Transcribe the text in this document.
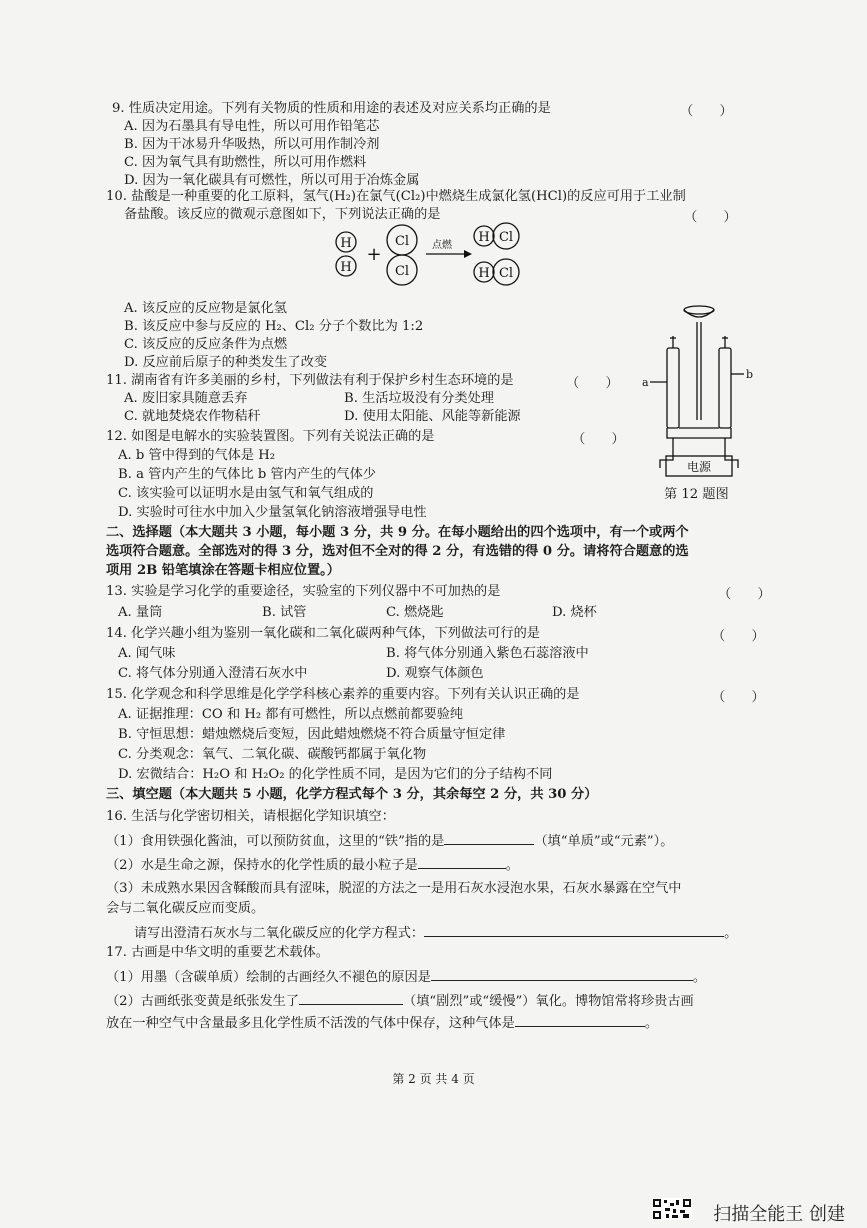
9. 性质决定用途。下列有关物质的性质和用途的表述及对应关系均正确的是	（　　）
A. 因为石墨具有导电性，所以可用作铅笔芯
B. 因为干冰易升华吸热，所以可用作制冷剂
C. 因为氧气具有助燃性，所以可用作燃料
D. 因为一氧化碳具有可燃性，所以可用于冶炼金属
10. 盐酸是一种重要的化工原料，氢气(H₂)在氯气(Cl₂)中燃烧生成氯化氢(HCl)的反应可用于工业制
备盐酸。该反应的微观示意图如下，下列说法正确的是	（　　）
H
H
+
Cl
Cl
点燃
H Cl
H Cl
A. 该反应的反应物是氯化氢
B. 该反应中参与反应的 H₂、Cl₂ 分子个数比为 1:2
C. 该反应的反应条件为点燃
D. 反应前后原子的种类发生了改变
11. 湖南省有许多美丽的乡村，下列做法有利于保护乡村生态环境的是	（　　）
A. 废旧家具随意丢弃	B. 生活垃圾没有分类处理
C. 就地焚烧农作物秸秆	D. 使用太阳能、风能等新能源
12. 如图是电解水的实验装置图。下列有关说法正确的是	（　　）
A. b 管中得到的气体是 H₂
B. a 管内产生的气体比 b 管内产生的气体少
C. 该实验可以证明水是由氢气和氧气组成的
D. 实验时可往水中加入少量氢氧化钠溶液增强导电性
a
b
电源
第 12 题图
二、选择题（本大题共 3 小题，每小题 3 分，共 9 分。在每小题给出的四个选项中，有一个或两个
选项符合题意。全部选对的得 3 分，选对但不全对的得 2 分，有选错的得 0 分。请将符合题意的选
项用 2B 铅笔填涂在答题卡相应位置。）
13. 实验是学习化学的重要途径，实验室的下列仪器中不可加热的是	（　　）
A. 量筒	B. 试管	C. 燃烧匙	D. 烧杯
14. 化学兴趣小组为鉴别一氧化碳和二氧化碳两种气体，下列做法可行的是	（　　）
A. 闻气味	B. 将气体分别通入紫色石蕊溶液中
C. 将气体分别通入澄清石灰水中	D. 观察气体颜色
15. 化学观念和科学思维是化学学科核心素养的重要内容。下列有关认识正确的是	（　　）
A. 证据推理：CO 和 H₂ 都有可燃性，所以点燃前都要验纯
B. 守恒思想：蜡烛燃烧后变短，因此蜡烛燃烧不符合质量守恒定律
C. 分类观念：氧气、二氧化碳、碳酸钙都属于氧化物
D. 宏微结合：H₂O 和 H₂O₂ 的化学性质不同，是因为它们的分子结构不同
三、填空题（本大题共 5 小题，化学方程式每个 3 分，其余每空 2 分，共 30 分）
16. 生活与化学密切相关，请根据化学知识填空：
（1）食用铁强化酱油，可以预防贫血，这里的“铁”指的是	（填“单质”或“元素”）。
（2）水是生命之源，保持水的化学性质的最小粒子是	。
（3）未成熟水果因含鞣酸而具有涩味，脱涩的方法之一是用石灰水浸泡水果，石灰水暴露在空气中
会与二氧化碳反应而变质。
请写出澄清石灰水与二氧化碳反应的化学方程式：	。
17. 古画是中华文明的重要艺术载体。
（1）用墨（含碳单质）绘制的古画经久不褪色的原因是	。
（2）古画纸张变黄是纸张发生了	（填“剧烈”或“缓慢”）氧化。博物馆常将珍贵古画
放在一种空气中含量最多且化学性质不活泼的气体中保存，这种气体是	。
第 2 页 共 4 页
扫描全能王 创建
